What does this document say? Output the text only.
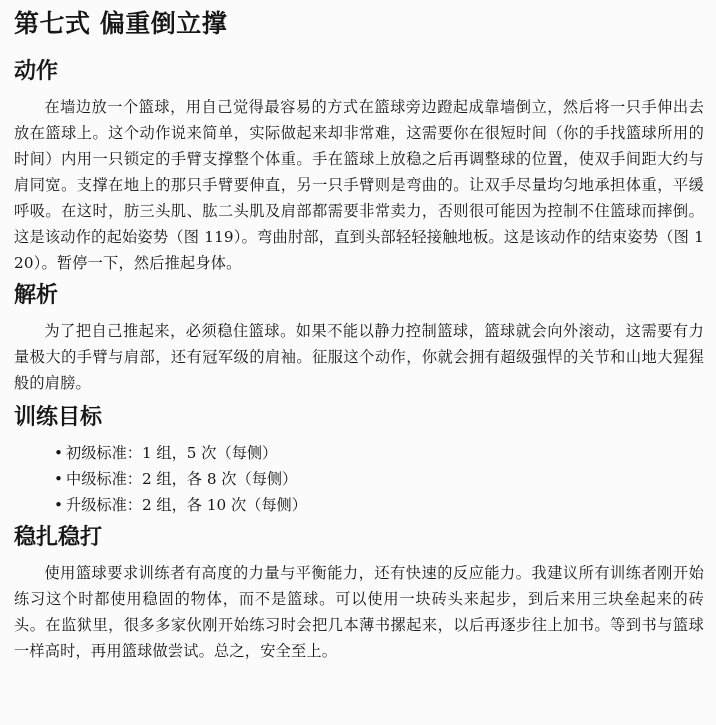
第七式 偏重倒立撑
动作

在墙边放一个篮球，用自己觉得最容易的方式在篮球旁边蹬起成靠墙倒立，然后将一只手伸出去放在篮球上。这个动作说来简单，实际做起来却非常难，这需要你在很短时间（你的手找篮球所用的时间）内用一只锁定的手臂支撑整个体重。手在篮球上放稳之后再调整球的位置，使双手间距大约与肩同宽。支撑在地上的那只手臂要伸直，另一只手臂则是弯曲的。让双手尽量均匀地承担体重，平缓呼吸。在这时，肪三头肌、肱二头肌及肩部都需要非常卖力，否则很可能因为控制不住篮球而摔倒。这是该动作的起始姿势（图 119）。弯曲肘部，直到头部轻轻接触地板。这是该动作的结束姿势（图 120）。暂停一下，然后推起身体。

解析

为了把自己推起来，必须稳住篮球。如果不能以静力控制篮球，篮球就会向外滚动，这需要有力量极大的手臂与肩部，还有冠军级的肩袖。征服这个动作，你就会拥有超级强悍的关节和山地大猩猩般的肩膀。

训练目标
• 初级标准：1 组，5 次（每侧）
• 中级标准：2 组，各 8 次（每侧）
• 升级标准：2 组，各 10 次（每侧）
稳扎稳打

使用篮球要求训练者有高度的力量与平衡能力，还有快速的反应能力。我建议所有训练者刚开始练习这个时都使用稳固的物体，而不是篮球。可以使用一块砖头来起步，到后来用三块垒起来的砖头。在监狱里，很多多家伙刚开始练习时会把几本薄书摞起来，以后再逐步往上加书。等到书与篮球一样高时，再用篮球做尝试。总之，安全至上。
